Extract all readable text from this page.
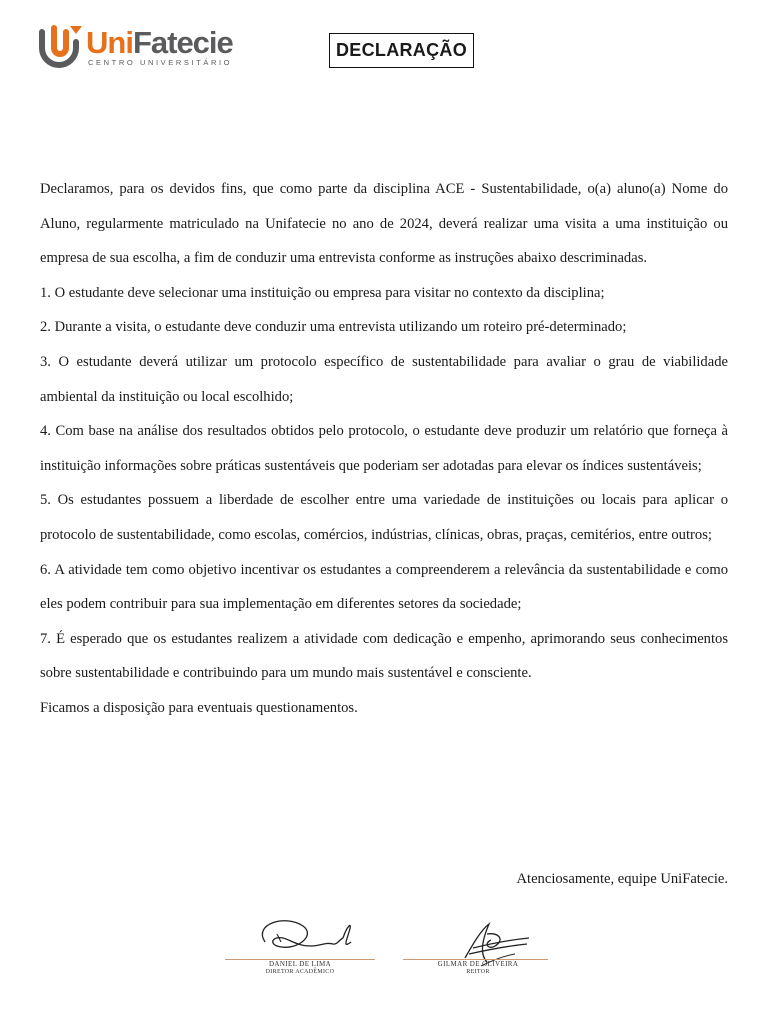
UniFatecie
CENTRO UNIVERSITÁRIO
DECLARAÇÃO

Declaramos, para os devidos fins, que como parte da disciplina ACE - Sustentabilidade, o(a) aluno(a) Nome do Aluno, regularmente matriculado na Unifatecie no ano de 2024, deverá realizar uma visita a uma instituição ou empresa de sua escolha, a fim de conduzir uma entrevista conforme as instruções abaixo descriminadas.

1. O estudante deve selecionar uma instituição ou empresa para visitar no contexto da disciplina;

2. Durante a visita, o estudante deve conduzir uma entrevista utilizando um roteiro pré-determinado;

3. O estudante deverá utilizar um protocolo específico de sustentabilidade para avaliar o grau de viabilidade ambiental da instituição ou local escolhido;

4. Com base na análise dos resultados obtidos pelo protocolo, o estudante deve produzir um relatório que forneça à instituição informações sobre práticas sustentáveis que poderiam ser adotadas para elevar os índices sustentáveis;

5. Os estudantes possuem a liberdade de escolher entre uma variedade de instituições ou locais para aplicar o protocolo de sustentabilidade, como escolas, comércios, indústrias, clínicas, obras, praças, cemitérios, entre outros;

6. A atividade tem como objetivo incentivar os estudantes a compreenderem a relevância da sustentabilidade e como eles podem contribuir para sua implementação em diferentes setores da sociedade;

7. É esperado que os estudantes realizem a atividade com dedicação e empenho, aprimorando seus conhecimentos sobre sustentabilidade e contribuindo para um mundo mais sustentável e consciente.

Ficamos a disposição para eventuais questionamentos.

Atenciosamente, equipe UniFatecie.
DANIEL DE LIMA
DIRETOR ACADÊMICO
GILMAR DE OLIVEIRA
REITOR
